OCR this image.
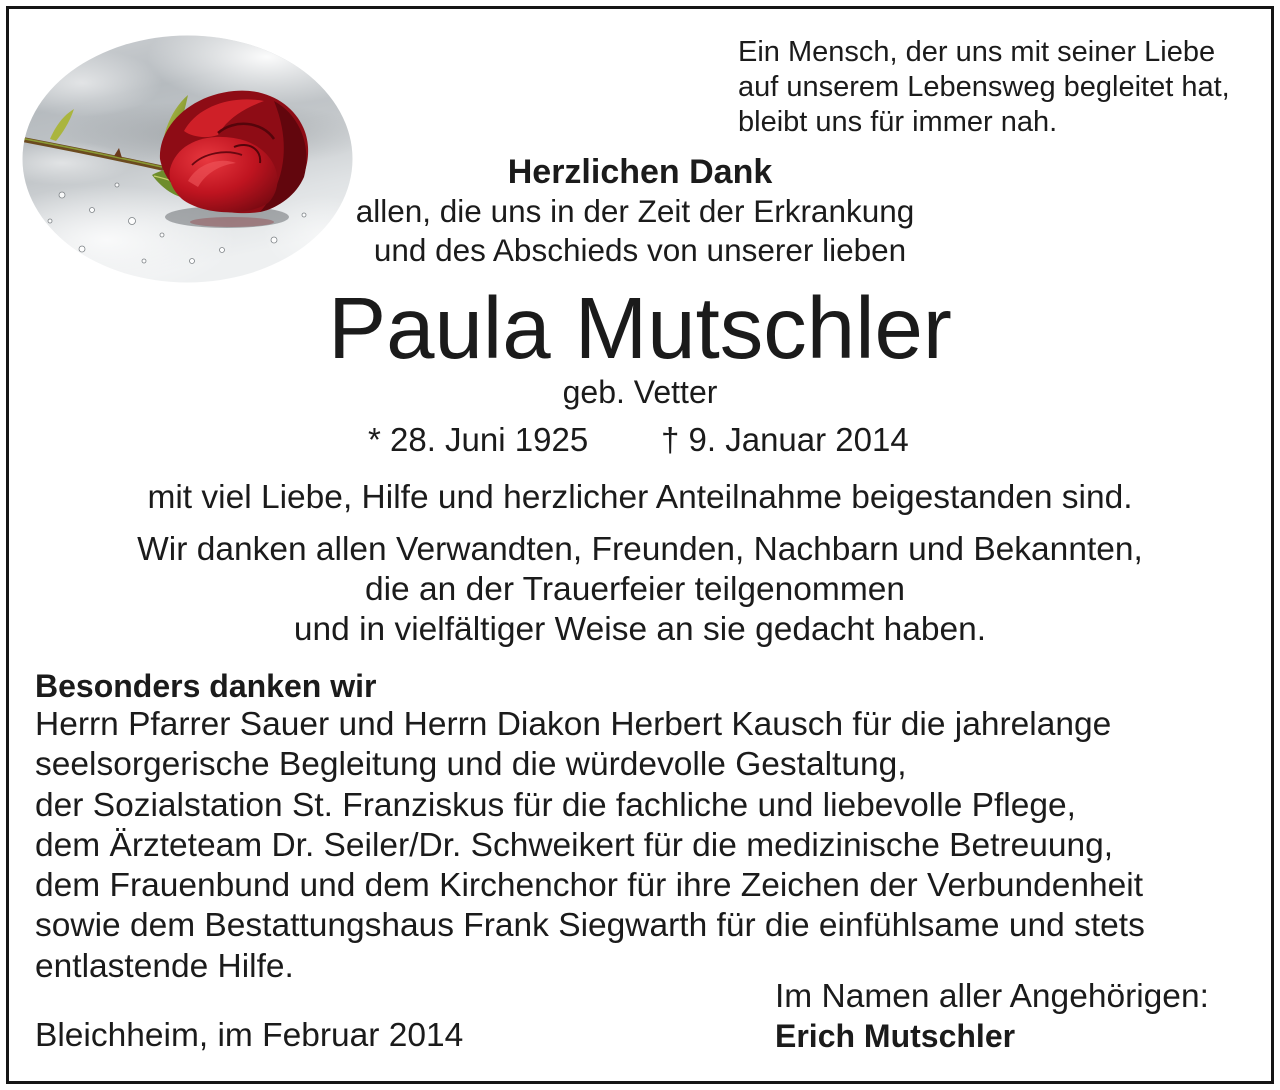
Ein Mensch, der uns mit seiner Liebe
auf unserem Lebensweg begleitet hat,
bleibt uns für immer nah.
Herzlichen Dank
allen, die uns in der Zeit der Erkrankung
und des Abschieds von unserer lieben
Paula Mutschler
geb. Vetter
* 28. Juni 1925 † 9. Januar 2014
mit viel Liebe, Hilfe und herzlicher Anteilnahme beigestanden sind.
Wir danken allen Verwandten, Freunden, Nachbarn und Bekannten,
die an der Trauerfeier teilgenommen
und in vielfältiger Weise an sie gedacht haben.
Besonders danken wir
Herrn Pfarrer Sauer und Herrn Diakon Herbert Kausch für die jahrelange
seelsorgerische Begleitung und die würdevolle Gestaltung,
der Sozialstation St. Franziskus für die fachliche und liebevolle Pflege,
dem Ärzteteam Dr. Seiler/Dr. Schweikert für die medizinische Betreuung,
dem Frauenbund und dem Kirchenchor für ihre Zeichen der Verbundenheit
sowie dem Bestattungshaus Frank Siegwarth für die einfühlsame und stets
entlastende Hilfe.
Im Namen aller Angehörigen:
Bleichheim, im Februar 2014	Erich Mutschler
